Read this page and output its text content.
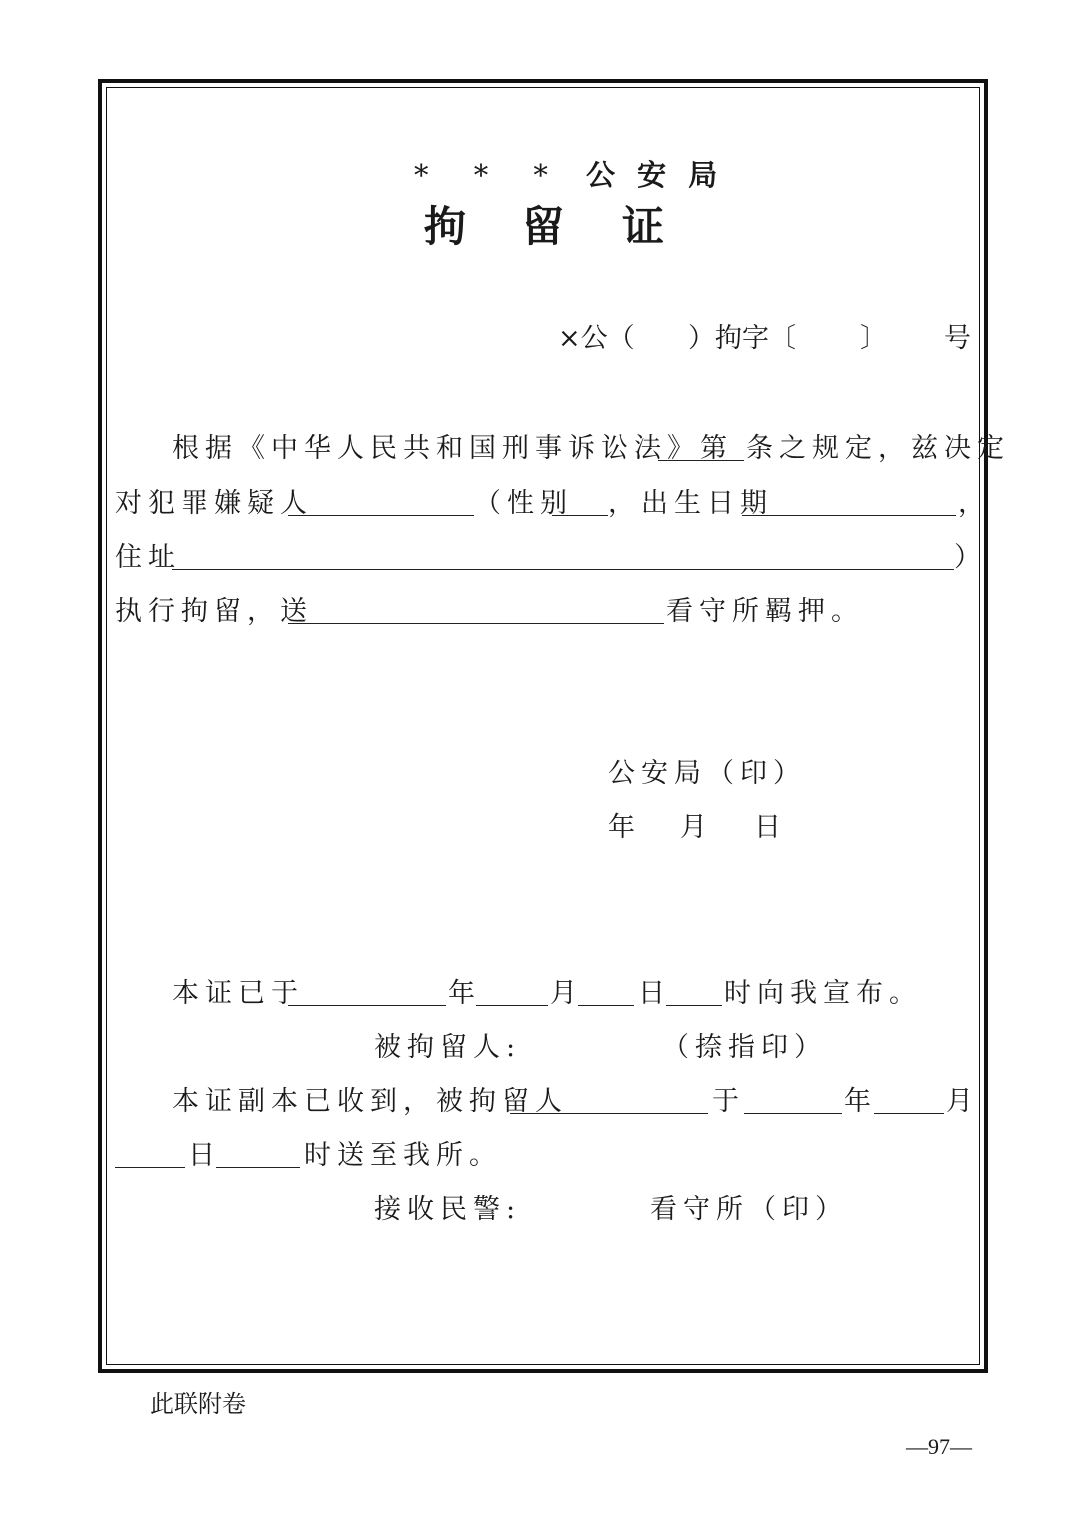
* * * 公 安 局
拘 留 证
×公（ ）拘字〔 〕 号
根据《中华人民共和国刑事诉讼法》第 条之规定，兹决定
对犯罪嫌疑人	（性别 ，出生日期	，
住址	）
执行拘留，送	看守所羁押。
公安局（印）
年 月 日
本证已于	年	月 日 时向我宣布。
被拘留人:	（捺指印）
本证副本已收到，被拘留人	于	年	月
日	时送至我所。
接收民警:	看守所（印）
此联附卷
—97—
